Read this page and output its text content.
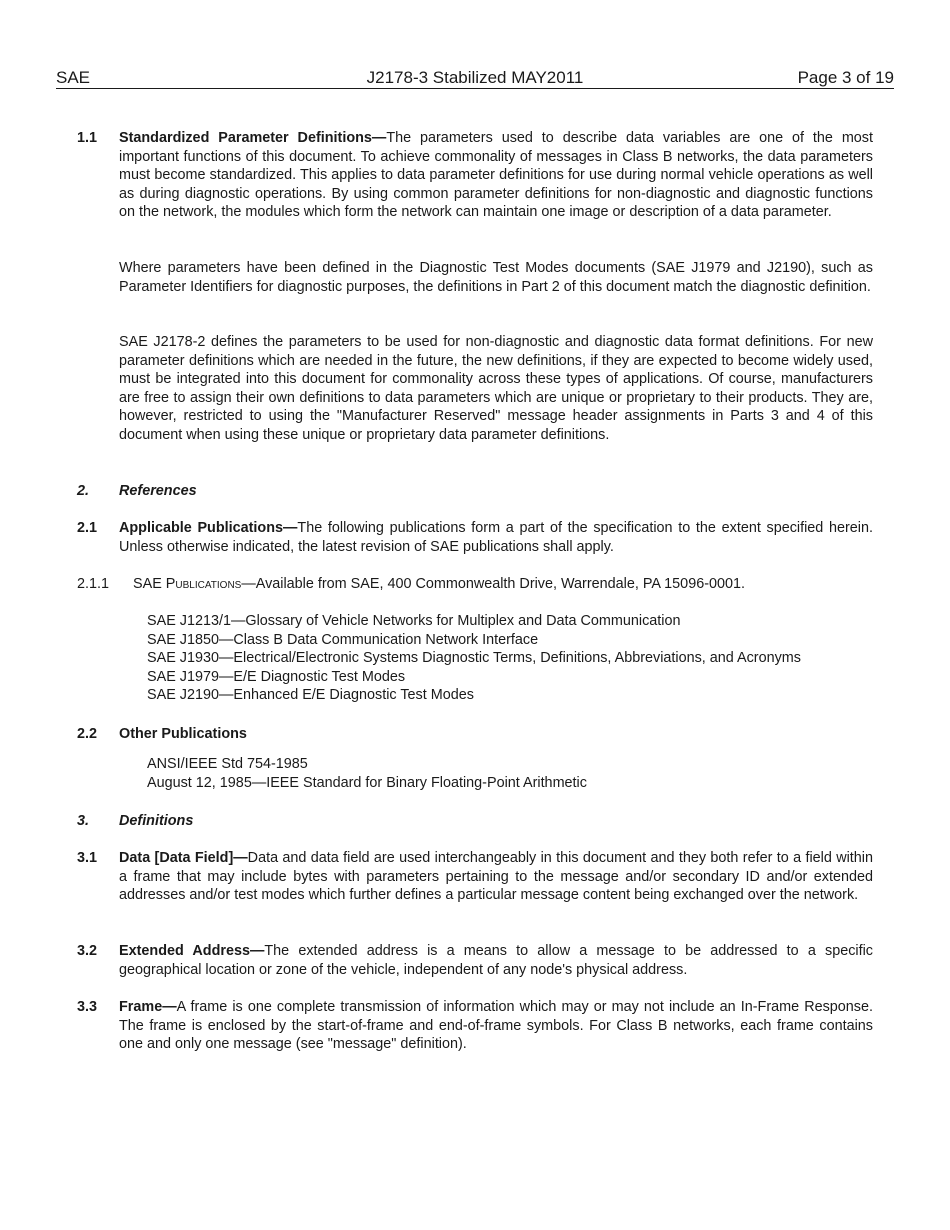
J2178-3 Stabilized MAY2011
SAE	Page 3 of 19
1.1 Standardized Parameter Definitions—The parameters used to describe data variables are one of the most important functions of this document. To achieve commonality of messages in Class B networks, the data parameters must become standardized. This applies to data parameter definitions for use during normal vehicle operations as well as during diagnostic operations. By using common parameter definitions for non-diagnostic and diagnostic functions on the network, the modules which form the network can maintain one image or description of a data parameter.
Where parameters have been defined in the Diagnostic Test Modes documents (SAE J1979 and J2190), such as Parameter Identifiers for diagnostic purposes, the definitions in Part 2 of this document match the diagnostic definition.
SAE J2178-2 defines the parameters to be used for non-diagnostic and diagnostic data format definitions. For new parameter definitions which are needed in the future, the new definitions, if they are expected to become widely used, must be integrated into this document for commonality across these types of applications. Of course, manufacturers are free to assign their own definitions to data parameters which are unique or proprietary to their products. They are, however, restricted to using the "Manufacturer Reserved" message header assignments in Parts 3 and 4 of this document when using these unique or proprietary data parameter definitions.
2. References
2.1 Applicable Publications—The following publications form a part of the specification to the extent specified herein. Unless otherwise indicated, the latest revision of SAE publications shall apply.
2.1.1 SAE Publications—Available from SAE, 400 Commonwealth Drive, Warrendale, PA 15096-0001.
SAE J1213/1—Glossary of Vehicle Networks for Multiplex and Data Communication
SAE J1850—Class B Data Communication Network Interface
SAE J1930—Electrical/Electronic Systems Diagnostic Terms, Definitions, Abbreviations, and Acronyms
SAE J1979—E/E Diagnostic Test Modes
SAE J2190—Enhanced E/E Diagnostic Test Modes
2.2 Other Publications
ANSI/IEEE Std 754-1985
August 12, 1985—IEEE Standard for Binary Floating-Point Arithmetic
3. Definitions
3.1 Data [Data Field]—Data and data field are used interchangeably in this document and they both refer to a field within a frame that may include bytes with parameters pertaining to the message and/or secondary ID and/or extended addresses and/or test modes which further defines a particular message content being exchanged over the network.
3.2 Extended Address—The extended address is a means to allow a message to be addressed to a specific geographical location or zone of the vehicle, independent of any node's physical address.
3.3 Frame—A frame is one complete transmission of information which may or may not include an In-Frame Response. The frame is enclosed by the start-of-frame and end-of-frame symbols. For Class B networks, each frame contains one and only one message (see "message" definition).
